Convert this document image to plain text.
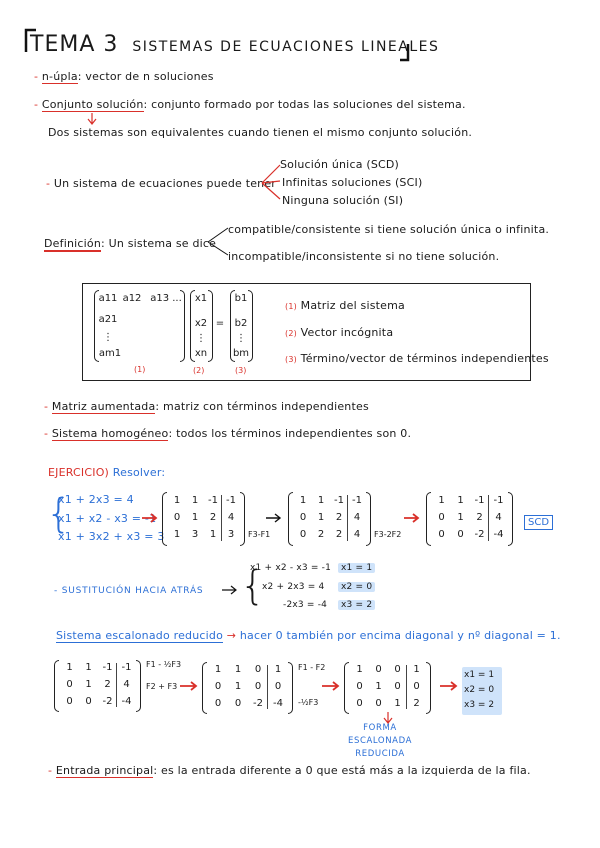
TEMA 3 SISTEMAS DE ECUACIONES LINEALES
- n-úpla: vector de n soluciones
- Conjunto solución: conjunto formado por todas las soluciones del sistema.
Dos sistemas son equivalentes cuando tienen el mismo conjunto solución.
- Un sistema de ecuaciones puede tener
Solución única (SCD)
Infinitas soluciones (SCI)
Ninguna solución (SI)
Definición: Un sistema se dice
compatible/consistente si tiene solución única o infinita.
incompatible/inconsistente si no tiene solución.
a11 a12 a13 ...
a21
⋮
am1
x1
x2
⋮
xn
=
b1
b2
⋮
bm
(1)	(2)	(3)
(1) Matriz del sistema
(2) Vector incógnita
(3) Término/vector de términos independientes
- Matriz aumentada: matriz con términos independientes
- Sistema homogéneo: todos los términos independientes son 0.
EJERCICIO) Resolver:
{
x1 + 2x3 = 4
x1 + x2 - x3 = -1
x1 + 3x2 + x3 = 3
1	1 -1 -1
0	1	2	4
1	3	1	3	F3-F1
1	1 -1 -1
0	1	2	4
0	2	2	4	F3-2F2
1	1	-1 -1
0	1	2	4
0	0	-2 -4
SCD
- SUSTITUCIÓN HACIA ATRÁS {
x1 + x2 - x3 = -1
x2 + 2x3 = 4
-2x3 = -4
x1 = 1
x2 = 0
x3 = 2
Sistema escalonado reducido → hacer 0 también por encima diagonal y nº diagonal = 1.
1	1	-1 -1
0	1	2	4
0	0	-2 -4
F1 - ½F3
F2 + F3
1	1	0	1
0	1	0	0
0	0	-2	-4
F1 - F2
-½F3
1	0	0	1
0	1	0	0
0	0	1	2
FORMA ESCALONADA REDUCIDA
x1 = 1
x2 = 0
x3 = 2
- Entrada principal: es la entrada diferente a 0 que está más a la izquierda de la fila.
